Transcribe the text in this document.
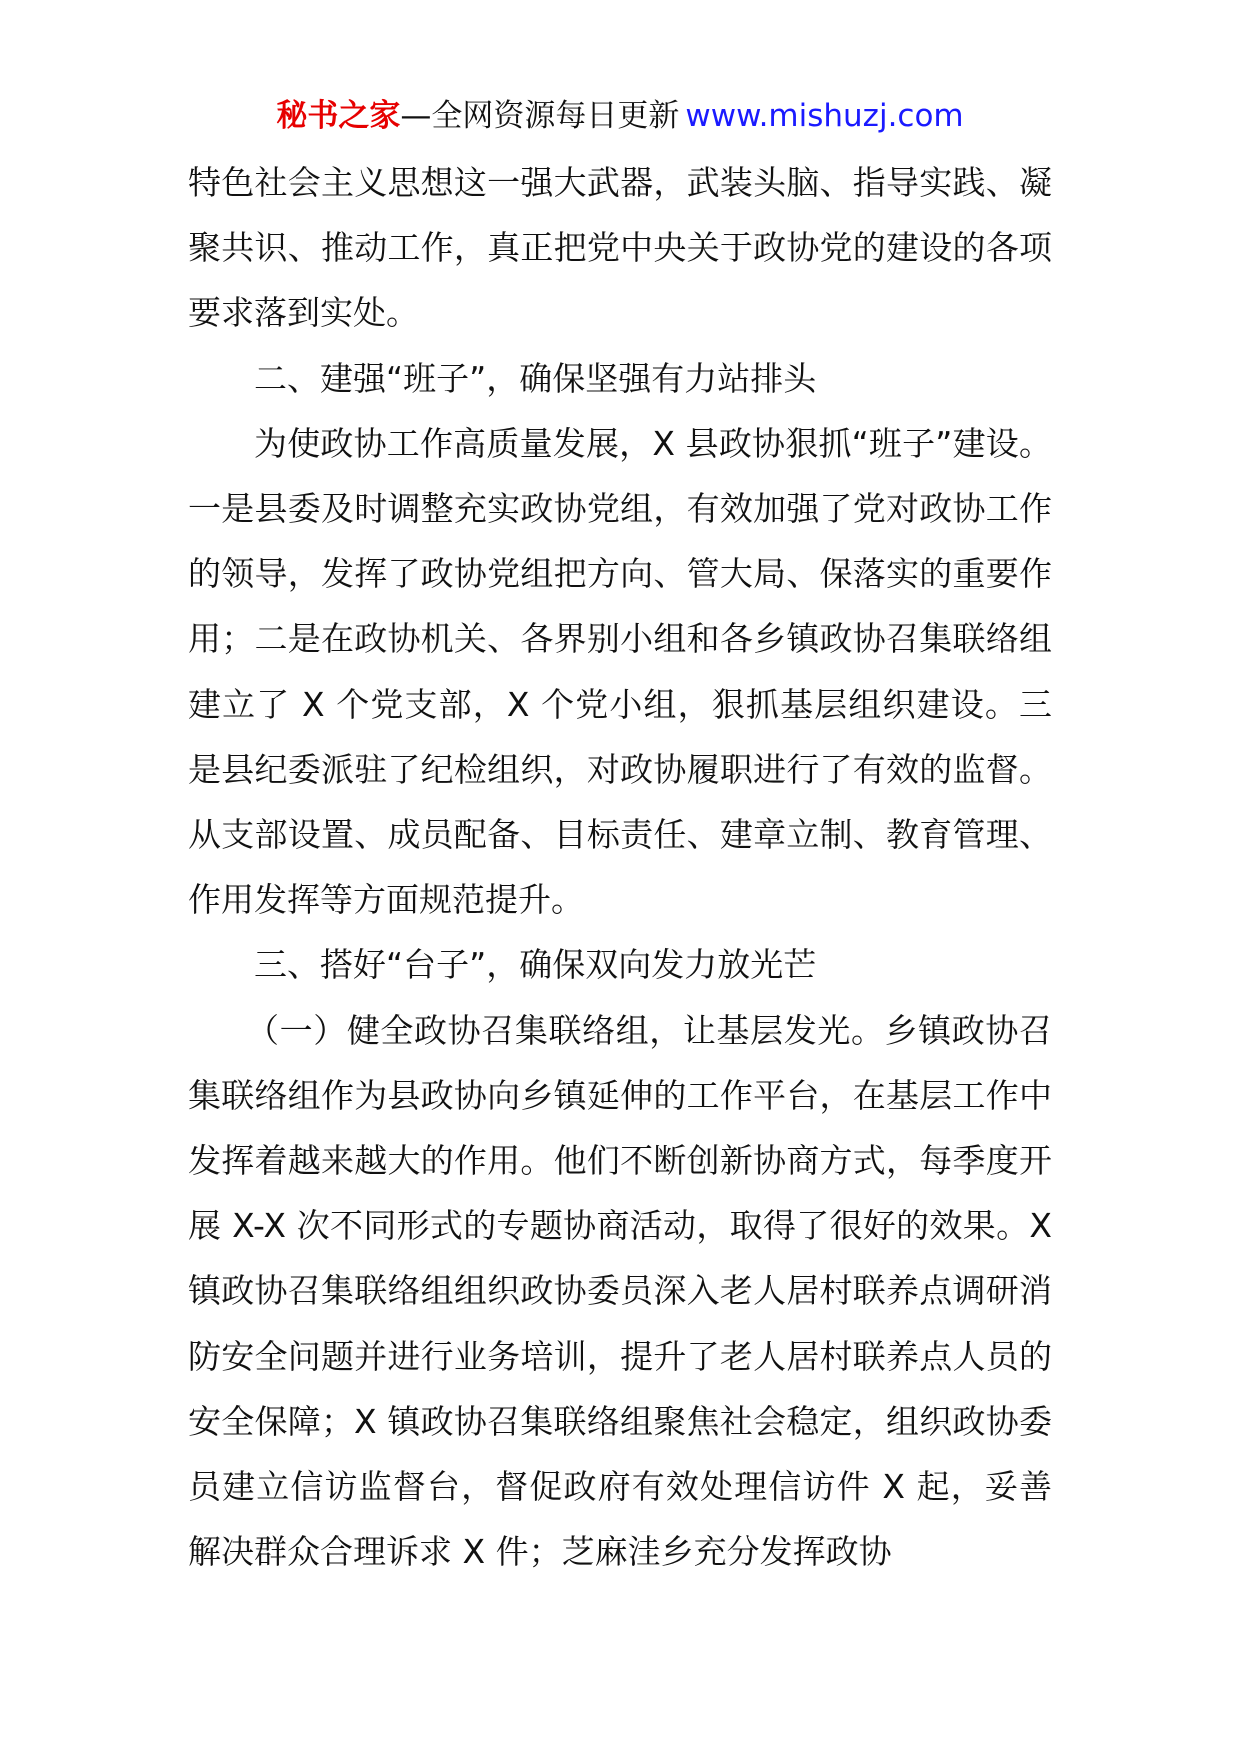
秘书之家—全网资源每日更新 www.mishuzj.com

特色社会主义思想这一强大武器，武装头脑、指导实践、凝聚共识、推动工作，真正把党中央关于政协党的建设的各项要求落到实处。

二、建强“班子”，确保坚强有力站排头

为使政协工作高质量发展，X 县政协狠抓“班子”建设。一是县委及时调整充实政协党组，有效加强了党对政协工作的领导，发挥了政协党组把方向、管大局、保落实的重要作用；二是在政协机关、各界别小组和各乡镇政协召集联络组建立了 X 个党支部，X 个党小组，狠抓基层组织建设。三是县纪委派驻了纪检组织，对政协履职进行了有效的监督。从支部设置、成员配备、目标责任、建章立制、教育管理、作用发挥等方面规范提升。

三、搭好“台子”，确保双向发力放光芒

（一）健全政协召集联络组，让基层发光。乡镇政协召集联络组作为县政协向乡镇延伸的工作平台，在基层工作中发挥着越来越大的作用。他们不断创新协商方式，每季度开展 X-X 次不同形式的专题协商活动，取得了很好的效果。X 镇政协召集联络组组织政协委员深入老人居村联养点调研消防安全问题并进行业务培训，提升了老人居村联养点人员的安全保障；X 镇政协召集联络组聚焦社会稳定，组织政协委员建立信访监督台，督促政府有效处理信访件 X 起，妥善解决群众合理诉求 X 件；芝麻洼乡充分发挥政协
